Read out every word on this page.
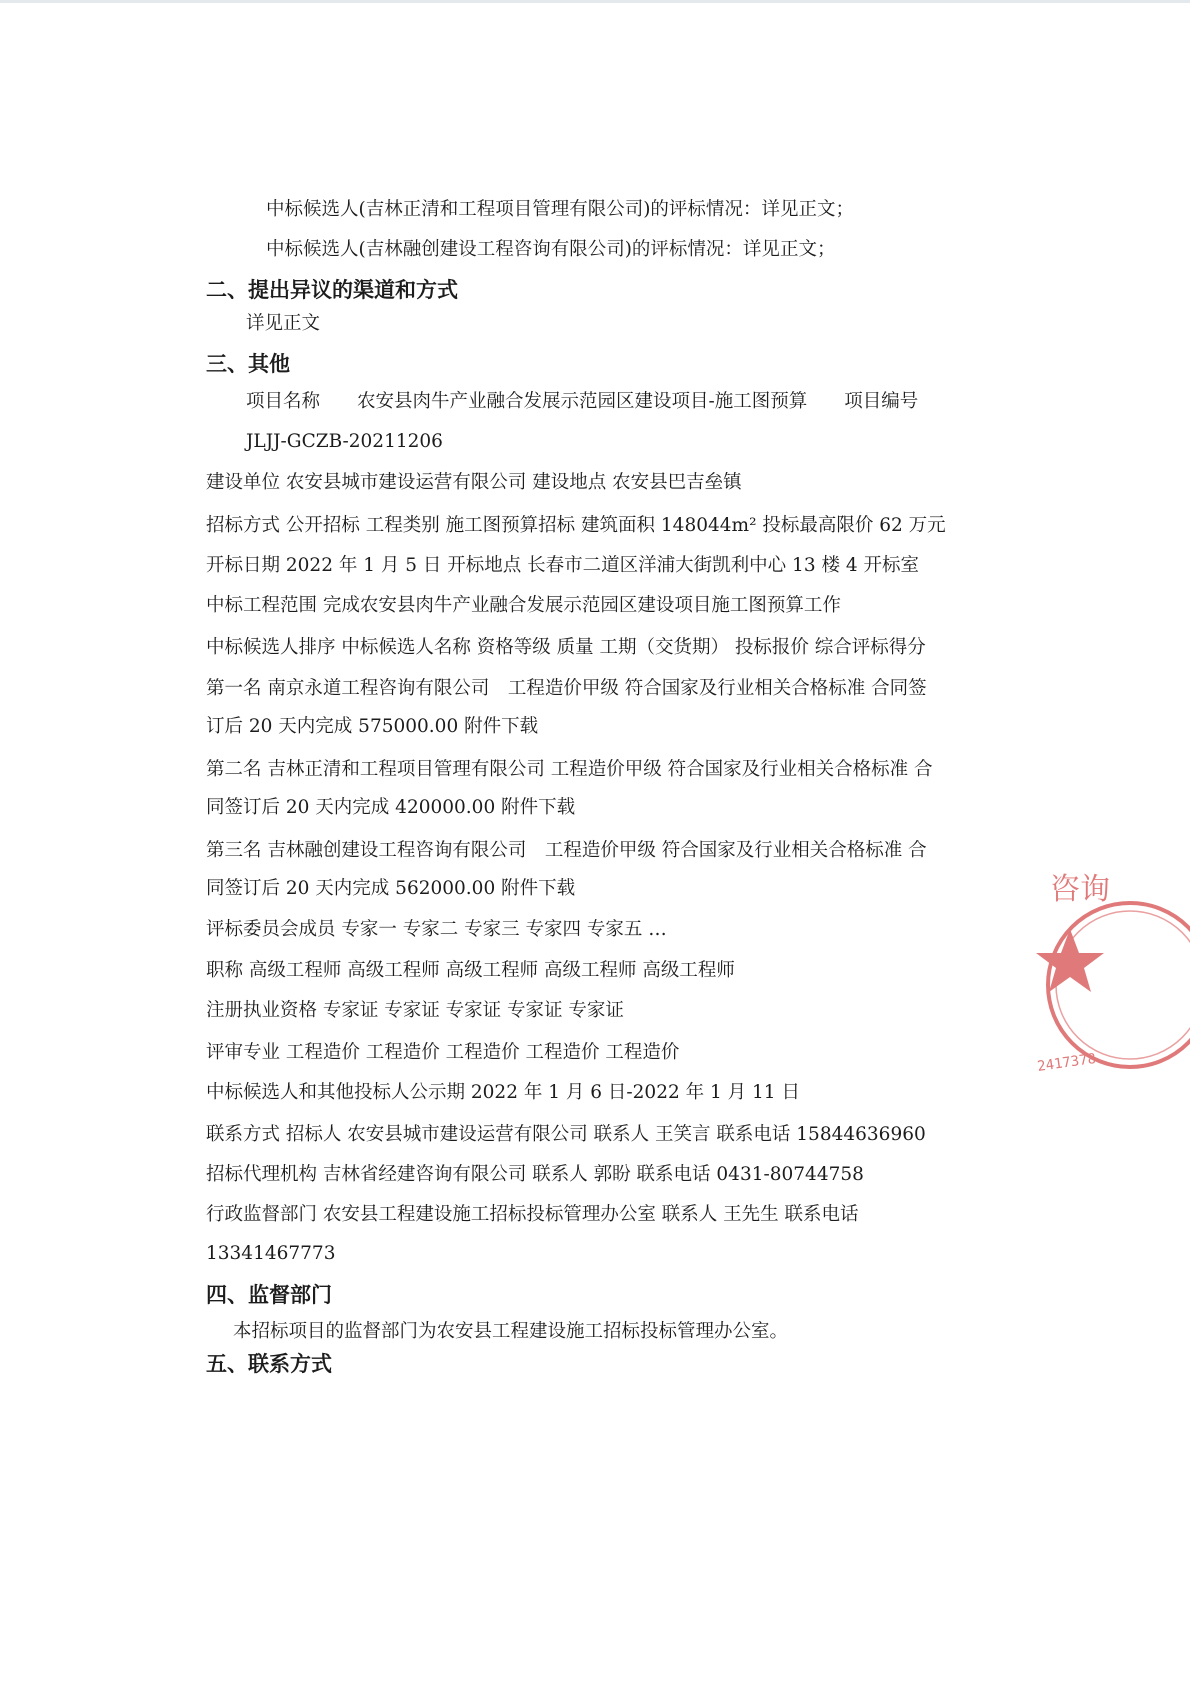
中标候选人(吉林正清和工程项目管理有限公司)的评标情况：详见正文；
中标候选人(吉林融创建设工程咨询有限公司)的评标情况：详见正文；
二、提出异议的渠道和方式
详见正文
三、其他
项目名称　　农安县肉牛产业融合发展示范园区建设项目-施工图预算　　项目编号
JLJJ-GCZB-20211206
建设单位 农安县城市建设运营有限公司 建设地点 农安县巴吉垒镇
招标方式 公开招标 工程类别 施工图预算招标 建筑面积 148044m² 投标最高限价 62 万元
开标日期 2022 年 1 月 5 日 开标地点 长春市二道区洋浦大街凯利中心 13 楼 4 开标室
中标工程范围 完成农安县肉牛产业融合发展示范园区建设项目施工图预算工作
中标候选人排序 中标候选人名称 资格等级 质量 工期（交货期） 投标报价 综合评标得分
第一名 南京永道工程咨询有限公司　工程造价甲级 符合国家及行业相关合格标准 合同签
订后 20 天内完成 575000.00 附件下载
第二名 吉林正清和工程项目管理有限公司 工程造价甲级 符合国家及行业相关合格标准 合
同签订后 20 天内完成 420000.00 附件下载
第三名 吉林融创建设工程咨询有限公司　工程造价甲级 符合国家及行业相关合格标准 合
同签订后 20 天内完成 562000.00 附件下载
评标委员会成员 专家一 专家二 专家三 专家四 专家五 …
职称 高级工程师 高级工程师 高级工程师 高级工程师 高级工程师
注册执业资格 专家证 专家证 专家证 专家证 专家证
评审专业 工程造价 工程造价 工程造价 工程造价 工程造价
中标候选人和其他投标人公示期 2022 年 1 月 6 日-2022 年 1 月 11 日
联系方式 招标人 农安县城市建设运营有限公司 联系人 王笑言 联系电话 15844636960
招标代理机构 吉林省经建咨询有限公司 联系人 郭盼 联系电话 0431-80744758
行政监督部门 农安县工程建设施工招标投标管理办公室 联系人 王先生 联系电话
13341467773
四、监督部门
本招标项目的监督部门为农安县工程建设施工招标投标管理办公室。
五、联系方式
咨询
2417378
